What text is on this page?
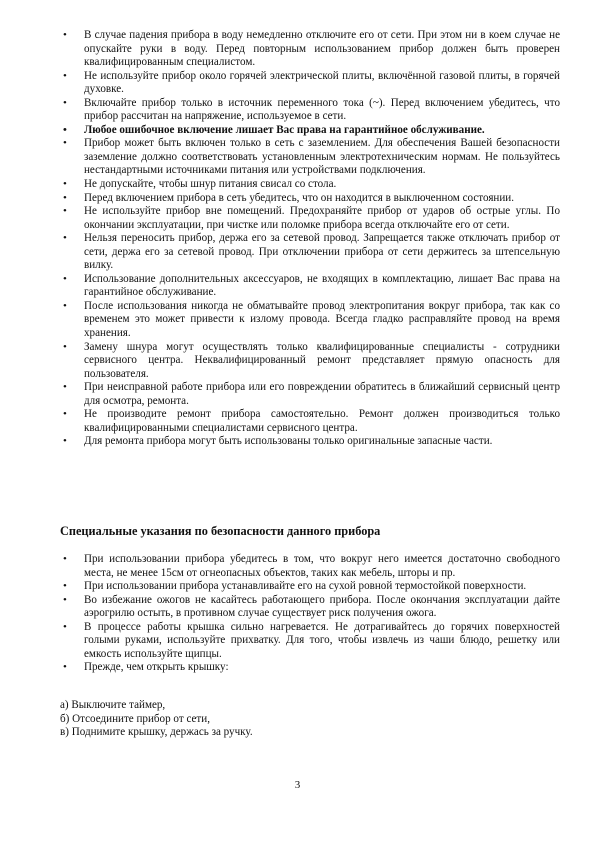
• В случае падения прибора в воду немедленно отключите его от сети. При этом ни в коем случае не опускайте руки в воду. Перед повторным использованием прибор должен быть проверен квалифицированным специалистом.
• Не используйте прибор около горячей электрической плиты, включённой газовой плиты, в горячей духовке.
• Включайте прибор только в источник переменного тока (~). Перед включением убедитесь, что прибор рассчитан на напряжение, используемое в сети.
• Любое ошибочное включение лишает Вас права на гарантийное обслуживание.
• Прибор может быть включен только в сеть с заземлением. Для обеспечения Вашей безопасности заземление должно соответствовать установленным электротехническим нормам. Не пользуйтесь нестандартными источниками питания или устройствами подключения.
• Не допускайте, чтобы шнур питания свисал со стола.
• Перед включением прибора в сеть убедитесь, что он находится в выключенном состоянии.
• Не используйте прибор вне помещений. Предохраняйте прибор от ударов об острые углы. По окончании эксплуатации, при чистке или поломке прибора всегда отключайте его от сети.
• Нельзя переносить прибор, держа его за сетевой провод. Запрещается также отключать прибор от сети, держа его за сетевой провод. При отключении прибора от сети держитесь за штепсельную вилку.
• Использование дополнительных аксессуаров, не входящих в комплектацию, лишает Вас права на гарантийное обслуживание.
• После использования никогда не обматывайте провод электропитания вокруг прибора, так как со временем это может привести к излому провода. Всегда гладко расправляйте провод на время хранения.
• Замену шнура могут осуществлять только квалифицированные специалисты - сотрудники сервисного центра. Неквалифицированный ремонт представляет прямую опасность для пользователя.
• При неисправной работе прибора или его повреждении обратитесь в ближайший сервисный центр для осмотра, ремонта.
• Не производите ремонт прибора самостоятельно. Ремонт должен производиться только квалифицированными специалистами сервисного центра.
• Для ремонта прибора могут быть использованы только оригинальные запасные части.
Специальные указания по безопасности данного прибора
• При использовании прибора убедитесь в том, что вокруг него имеется достаточно свободного места, не менее 15см от огнеопасных объектов, таких как мебель, шторы и пр.
• При использовании прибора устанавливайте его на сухой ровной термостойкой поверхности.
• Во избежание ожогов не касайтесь работающего прибора. После окончания эксплуатации дайте аэрогрилю остыть, в противном случае существует риск получения ожога.
• В процессе работы крышка сильно нагревается. Не дотрагивайтесь до горячих поверхностей голыми руками, используйте прихватку. Для того, чтобы извлечь из чаши блюдо, решетку или емкость используйте щипцы.
• Прежде, чем открыть крышку:
а) Выключите таймер,
б) Отсоедините прибор от сети,
в) Поднимите крышку, держась за ручку.
3
